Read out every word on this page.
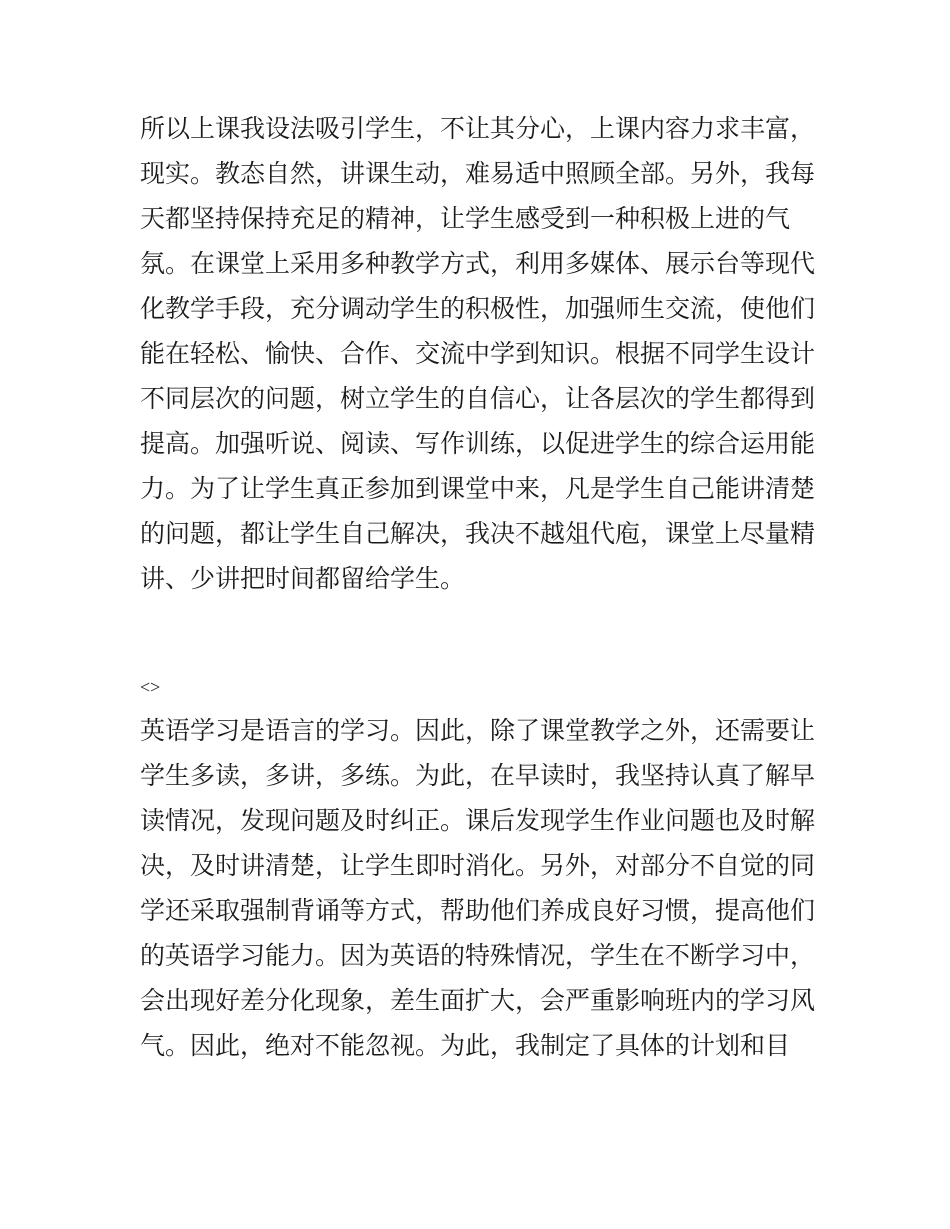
所以上课我设法吸引学生，不让其分心，上课内容力求丰富，
现实。教态自然，讲课生动，难易适中照顾全部。另外，我每
天都坚持保持充足的精神，让学生感受到一种积极上进的气
氛。在课堂上采用多种教学方式，利用多媒体、展示台等现代
化教学手段，充分调动学生的积极性，加强师生交流，使他们
能在轻松、愉快、合作、交流中学到知识。根据不同学生设计
不同层次的问题，树立学生的自信心，让各层次的学生都得到
提高。加强听说、阅读、写作训练，以促进学生的综合运用能
力。为了让学生真正参加到课堂中来，凡是学生自己能讲清楚
的问题，都让学生自己解决，我决不越俎代庖，课堂上尽量精
讲、少讲把时间都留给学生。
<>
英语学习是语言的学习。因此，除了课堂教学之外，还需要让
学生多读，多讲，多练。为此，在早读时，我坚持认真了解早
读情况，发现问题及时纠正。课后发现学生作业问题也及时解
决，及时讲清楚，让学生即时消化。另外，对部分不自觉的同
学还采取强制背诵等方式，帮助他们养成良好习惯，提高他们
的英语学习能力。因为英语的特殊情况，学生在不断学习中，
会出现好差分化现象，差生面扩大，会严重影响班内的学习风
气。因此，绝对不能忽视。为此，我制定了具体的计划和目
